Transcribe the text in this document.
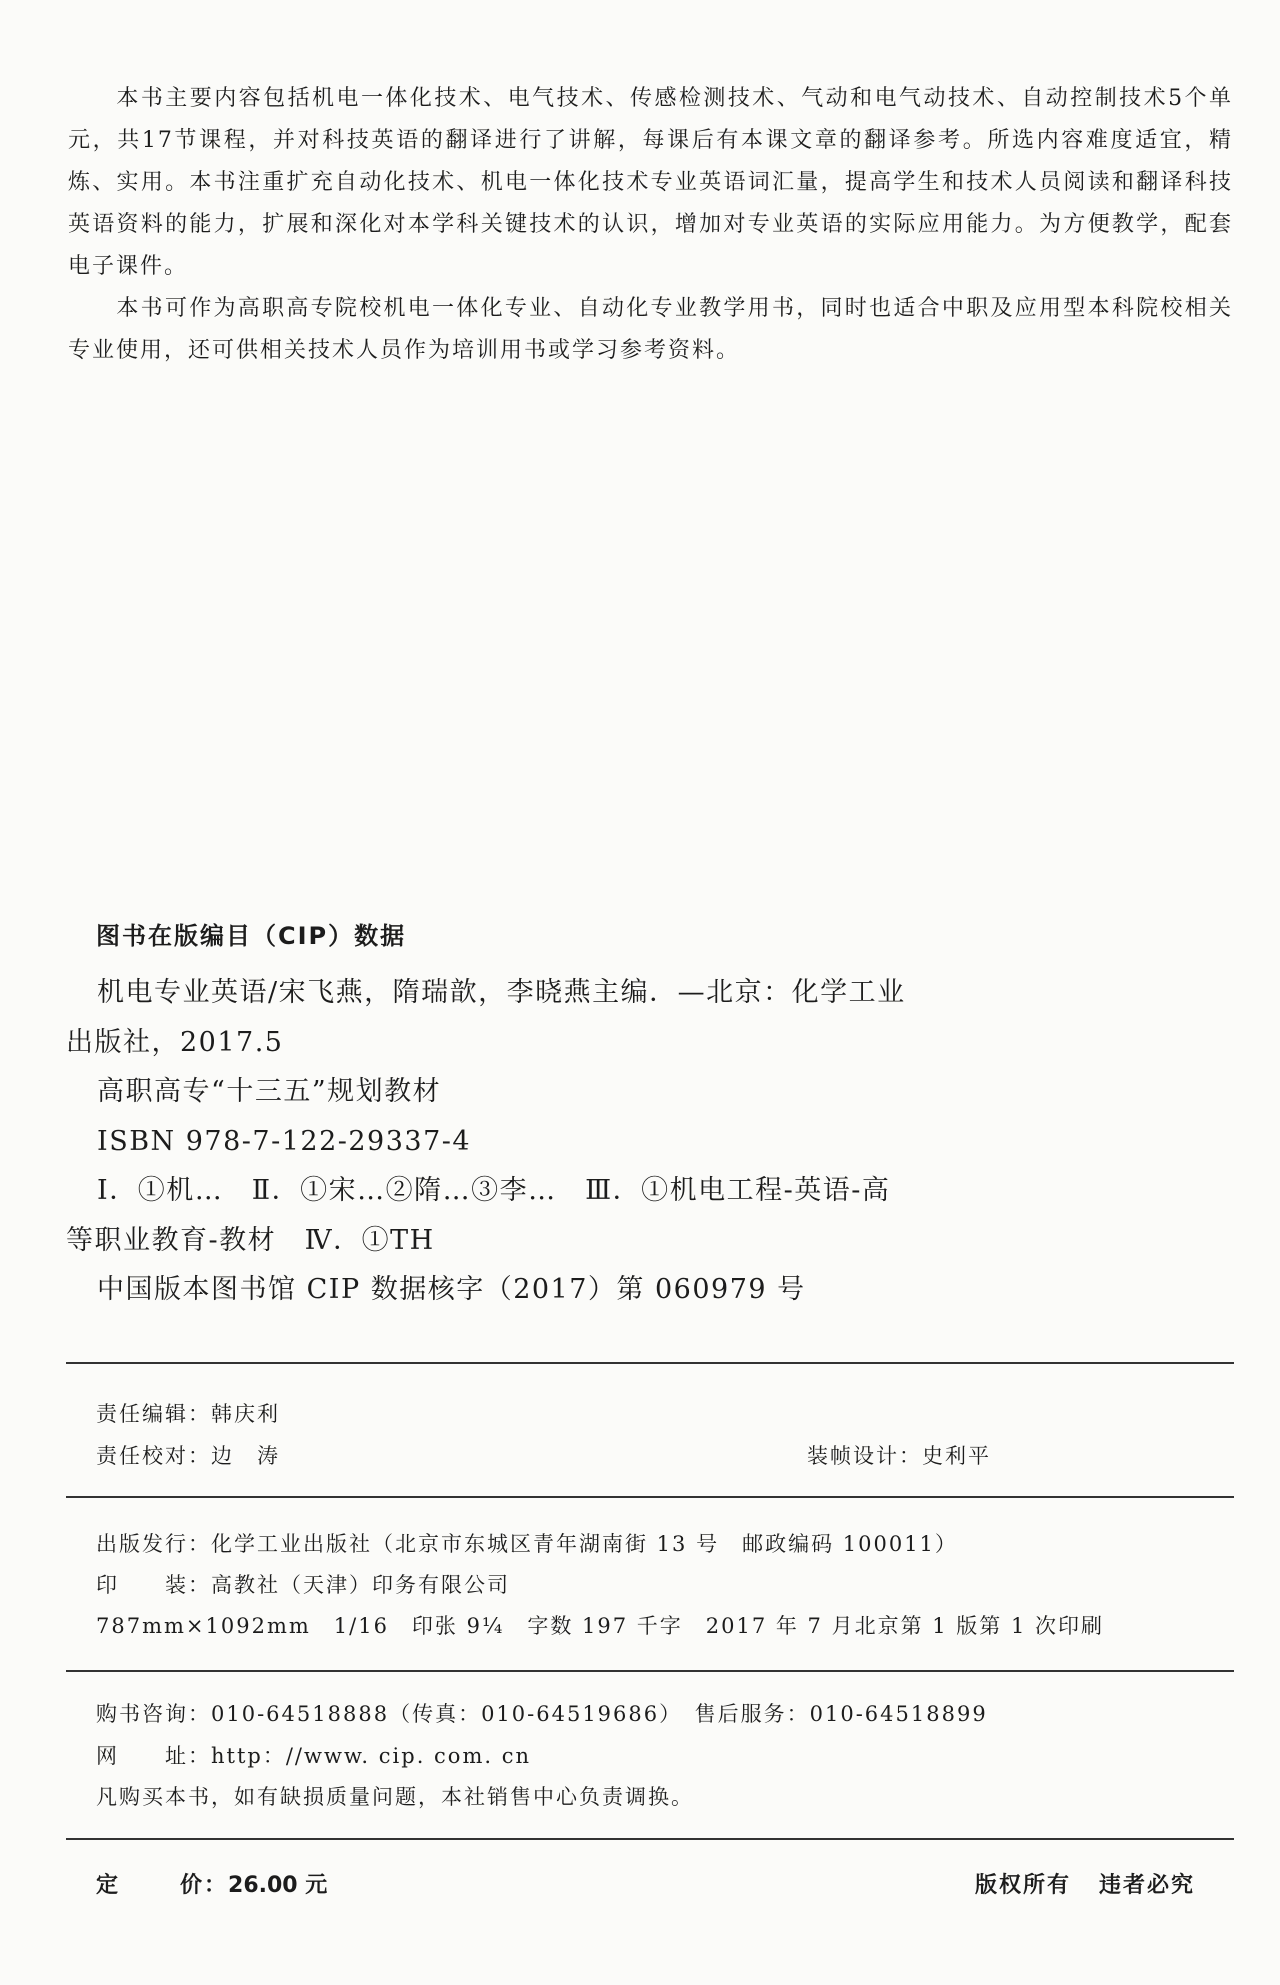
本书主要内容包括机电一体化技术、电气技术、传感检测技术、气动和电气动技术、自动控制技术5个单元，共17节课程，并对科技英语的翻译进行了讲解，每课后有本课文章的翻译参考。所选内容难度适宜，精炼、实用。本书注重扩充自动化技术、机电一体化技术专业英语词汇量，提高学生和技术人员阅读和翻译科技英语资料的能力，扩展和深化对本学科关键技术的认识，增加对专业英语的实际应用能力。为方便教学，配套电子课件。

本书可作为高职高专院校机电一体化专业、自动化专业教学用书，同时也适合中职及应用型本科院校相关专业使用，还可供相关技术人员作为培训用书或学习参考资料。

图书在版编目（CIP）数据
机电专业英语/宋飞燕，隋瑞歆，李晓燕主编．—北京：化学工业出版社，2017.5
高职高专“十三五”规划教材
ISBN 978-7-122-29337-4
Ⅰ．①机…　Ⅱ．①宋…②隋…③李…　Ⅲ．①机电工程-英语-高等职业教育-教材　Ⅳ．①TH
中国版本图书馆 CIP 数据核字（2017）第 060979 号
责任编辑：韩庆利
责任校对：边　涛	装帧设计：史利平
出版发行：化学工业出版社（北京市东城区青年湖南街 13 号　邮政编码 100011）
印　　装：高教社（天津）印务有限公司
787mm×1092mm　1/16　印张 9¼　字数 197 千字　2017 年 7 月北京第 1 版第 1 次印刷
购书咨询：010-64518888（传真：010-64519686）　售后服务：010-64518899
网　　址：http：//www. cip. com. cn
凡购买本书，如有缺损质量问题，本社销售中心负责调换。
定	价：26.00 元	版权所有 违者必究
